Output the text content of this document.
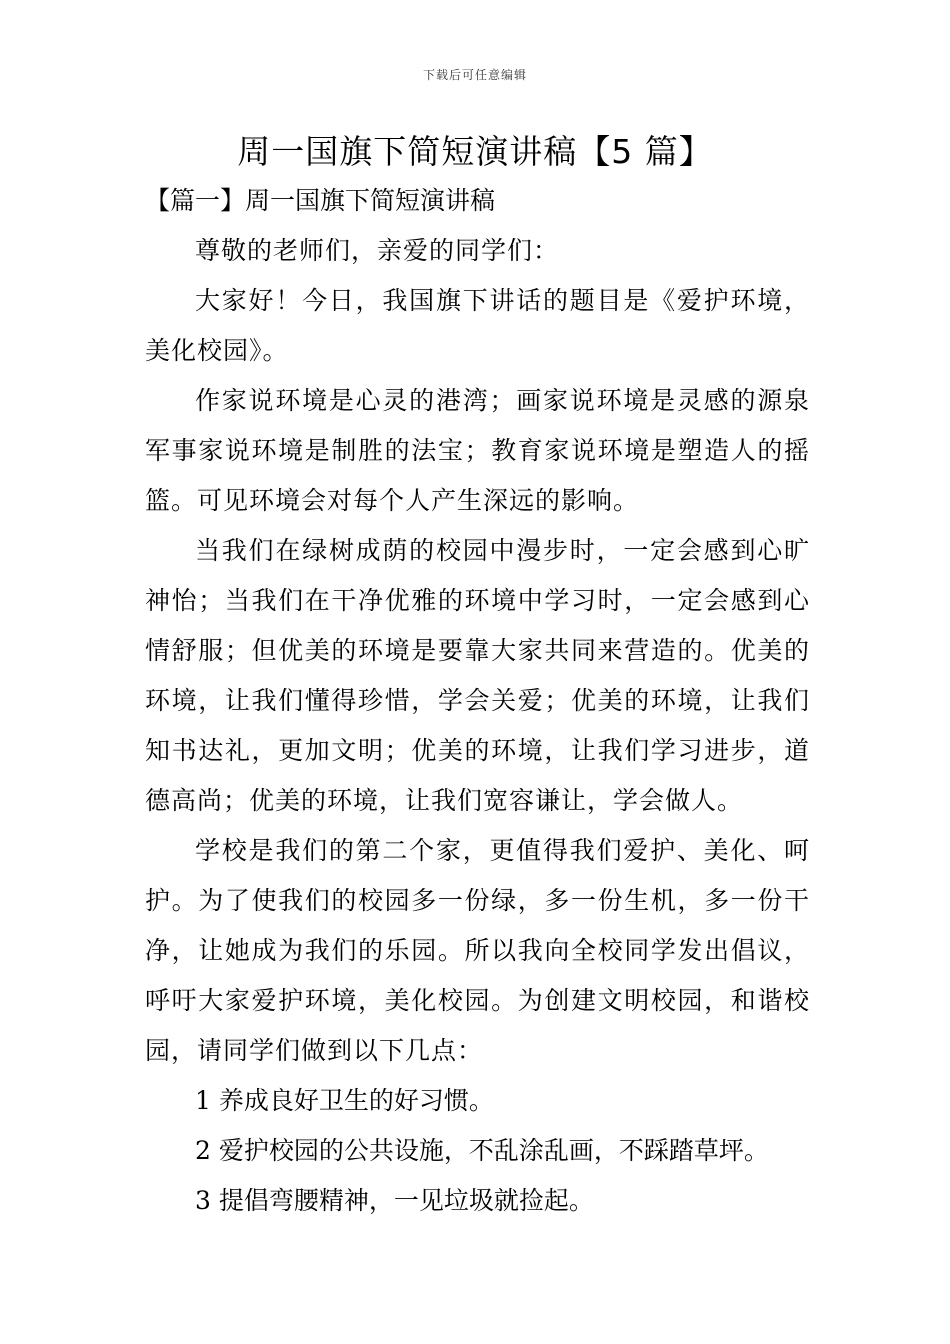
下载后可任意编辑
周一国旗下简短演讲稿【5 篇】

【篇一】周一国旗下简短演讲稿

尊敬的老师们，亲爱的同学们：

大家好！今日，我国旗下讲话的题目是《爱护环境，美化校园》。

作家说环境是心灵的港湾；画家说环境是灵感的源泉军事家说环境是制胜的法宝；教育家说环境是塑造人的摇篮。可见环境会对每个人产生深远的影响。

当我们在绿树成荫的校园中漫步时，一定会感到心旷神怡；当我们在干净优雅的环境中学习时，一定会感到心情舒服；但优美的环境是要靠大家共同来营造的。优美的环境，让我们懂得珍惜，学会关爱；优美的环境，让我们知书达礼，更加文明；优美的环境，让我们学习进步，道德高尚；优美的环境，让我们宽容谦让，学会做人。

学校是我们的第二个家，更值得我们爱护、美化、呵护。为了使我们的校园多一份绿，多一份生机，多一份干净，让她成为我们的乐园。所以我向全校同学发出倡议，呼吁大家爱护环境，美化校园。为创建文明校园，和谐校园，请同学们做到以下几点：

1 养成良好卫生的好习惯。

2 爱护校园的公共设施，不乱涂乱画，不踩踏草坪。

3 提倡弯腰精神，一见垃圾就捡起。
